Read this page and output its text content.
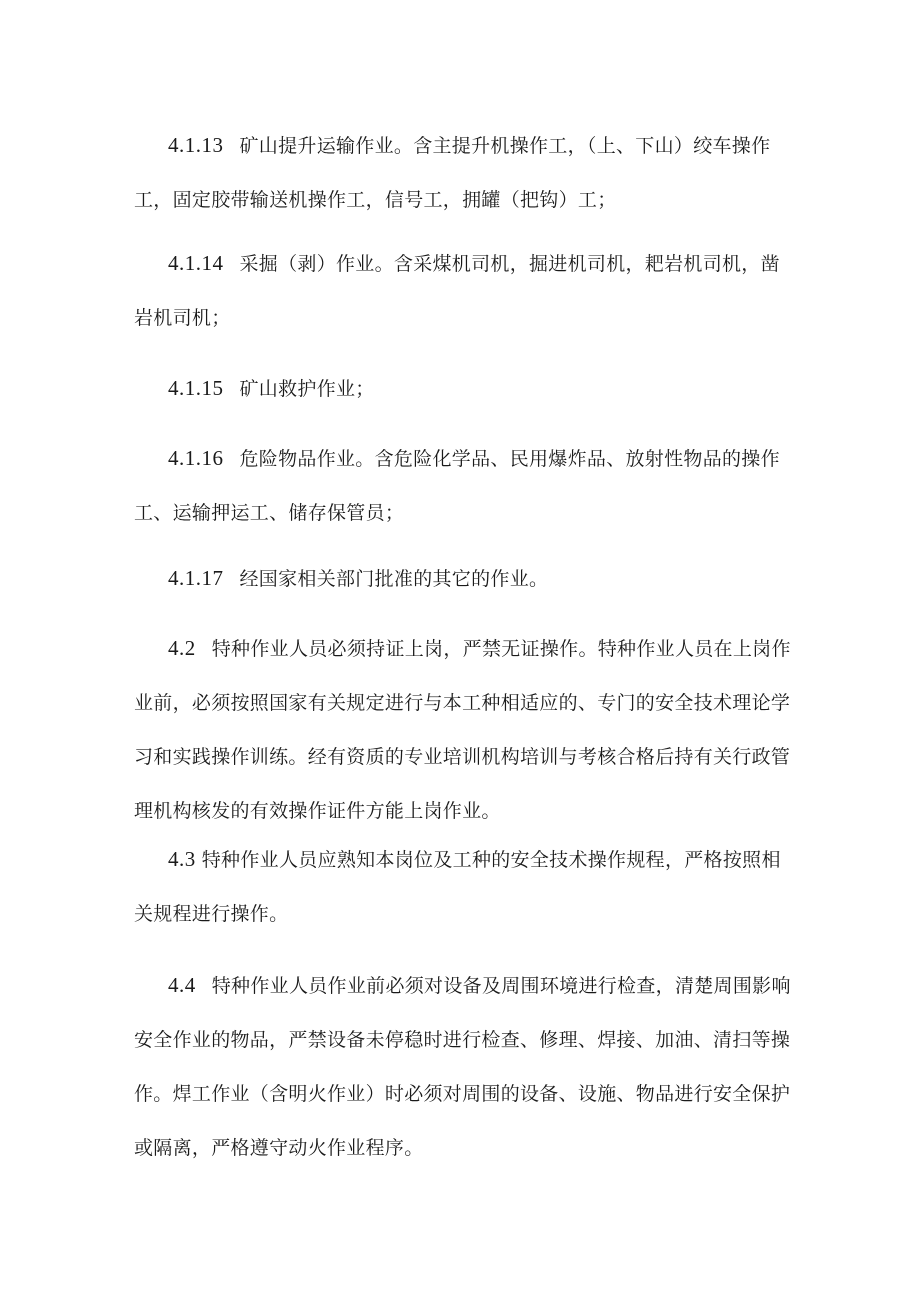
4.1.13 矿山提升运输作业。含主提升机操作工，（上、下山）绞车操作工，固定胶带输送机操作工，信号工，拥罐（把钩）工；

4.1.14 采掘（剥）作业。含采煤机司机，掘进机司机，耙岩机司机，凿岩机司机；

4.1.15 矿山救护作业；

4.1.16 危险物品作业。含危险化学品、民用爆炸品、放射性物品的操作工、运输押运工、储存保管员；

4.1.17 经国家相关部门批准的其它的作业。

4.2 特种作业人员必须持证上岗，严禁无证操作。特种作业人员在上岗作业前，必须按照国家有关规定进行与本工种相适应的、专门的安全技术理论学习和实践操作训练。经有资质的专业培训机构培训与考核合格后持有关行政管理机构核发的有效操作证件方能上岗作业。

4.3 特种作业人员应熟知本岗位及工种的安全技术操作规程，严格按照相关规程进行操作。

4.4 特种作业人员作业前必须对设备及周围环境进行检查，清楚周围影响安全作业的物品，严禁设备未停稳时进行检查、修理、焊接、加油、清扫等操作。焊工作业（含明火作业）时必须对周围的设备、设施、物品进行安全保护或隔离，严格遵守动火作业程序。
